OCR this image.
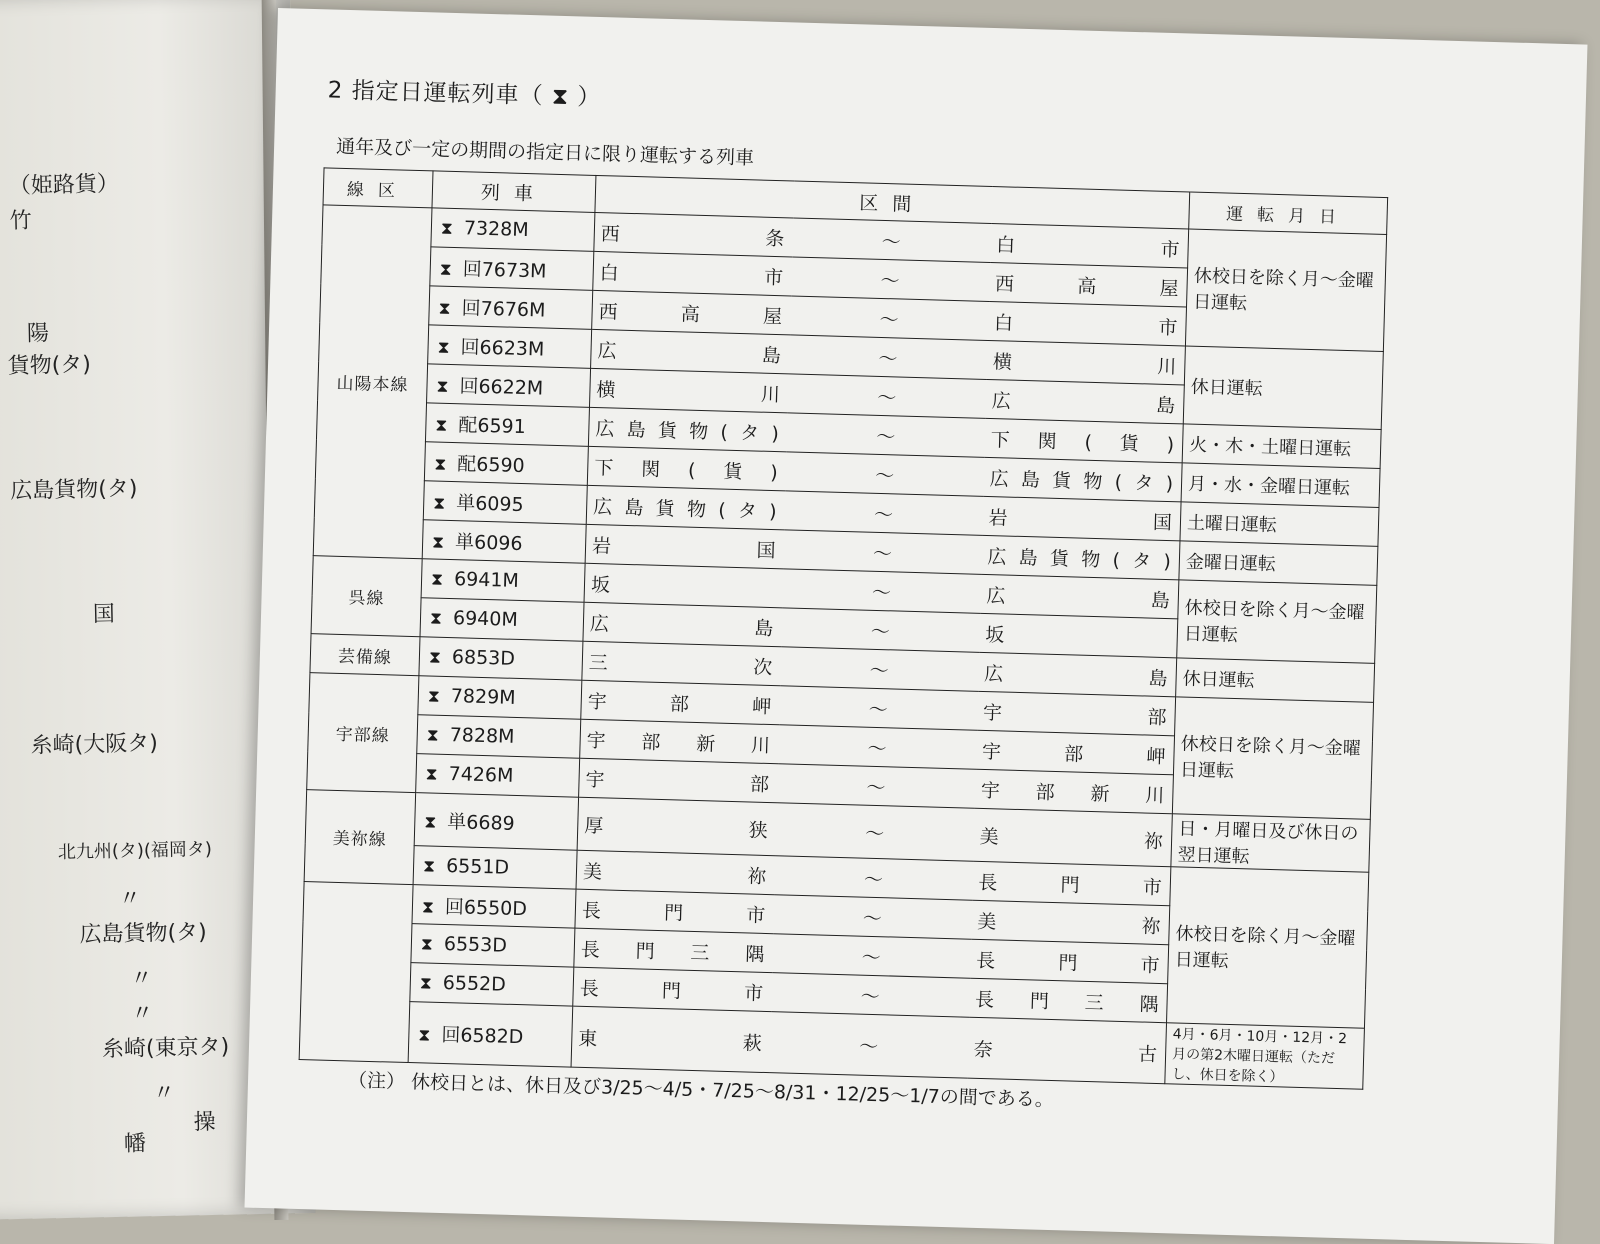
（姫路貨）
竹
陽
貨物(タ)
広島貨物(タ)
国
糸崎(大阪タ)
北九州(タ)(福岡タ)
〃
広島貨物(タ)
〃
〃
糸崎(東京タ)
〃
幡
操
2 指定日運転列車（ ⧗ ）
通年及び一定の期間の指定日に限り運転する列車
線区	列車	区間			運転月日
山陽本線	⧗ 7328M	西条	～	白市	休校日を除く月～金曜日運転
	⧗ 回7673M	白市	～	西高屋	
	⧗ 回7676M	西高屋	～	白市	
	⧗ 回6623M	広島	～	横川	休日運転
	⧗ 回6622M	横川	～	広島	
	⧗ 配6591	広島貨物(タ)	～	下関(貨)	火・木・土曜日運転
	⧗ 配6590	下関(貨)	～	広島貨物(タ)	月・水・金曜日運転
	⧗ 単6095	広島貨物(タ)	～	岩国	土曜日運転
	⧗ 単6096	岩国	～	広島貨物(タ)	金曜日運転
呉線	⧗ 6941M	坂	～	広島	休校日を除く月～金曜日運転
	⧗ 6940M	広島	～	坂	
芸備線	⧗ 6853D	三次	～	広島	休日運転
宇部線	⧗ 7829M	宇部岬	～	宇部	休校日を除く月～金曜日運転
	⧗ 7828M	宇部新川	～	宇部岬	
	⧗ 7426M	宇部	～	宇部新川	
美祢線	⧗ 単6689	厚狭	～	美祢	日・月曜日及び休日の翌日運転
	⧗ 6551D	美祢	～	長門市	休校日を除く月～金曜日運転
	⧗ 回6550D	長門市	～	美祢	
	⧗ 6553D	長門三隅	～	長門市	
	⧗ 6552D	長門市	～	長門三隅	
	⧗ 回6582D	東萩	～	奈古	4月・6月・10月・12月・2月の第2木曜日運転（ただし、休日を除く）
（注） 休校日とは、休日及び3/25～4/5・7/25～8/31・12/25～1/7の間である。
